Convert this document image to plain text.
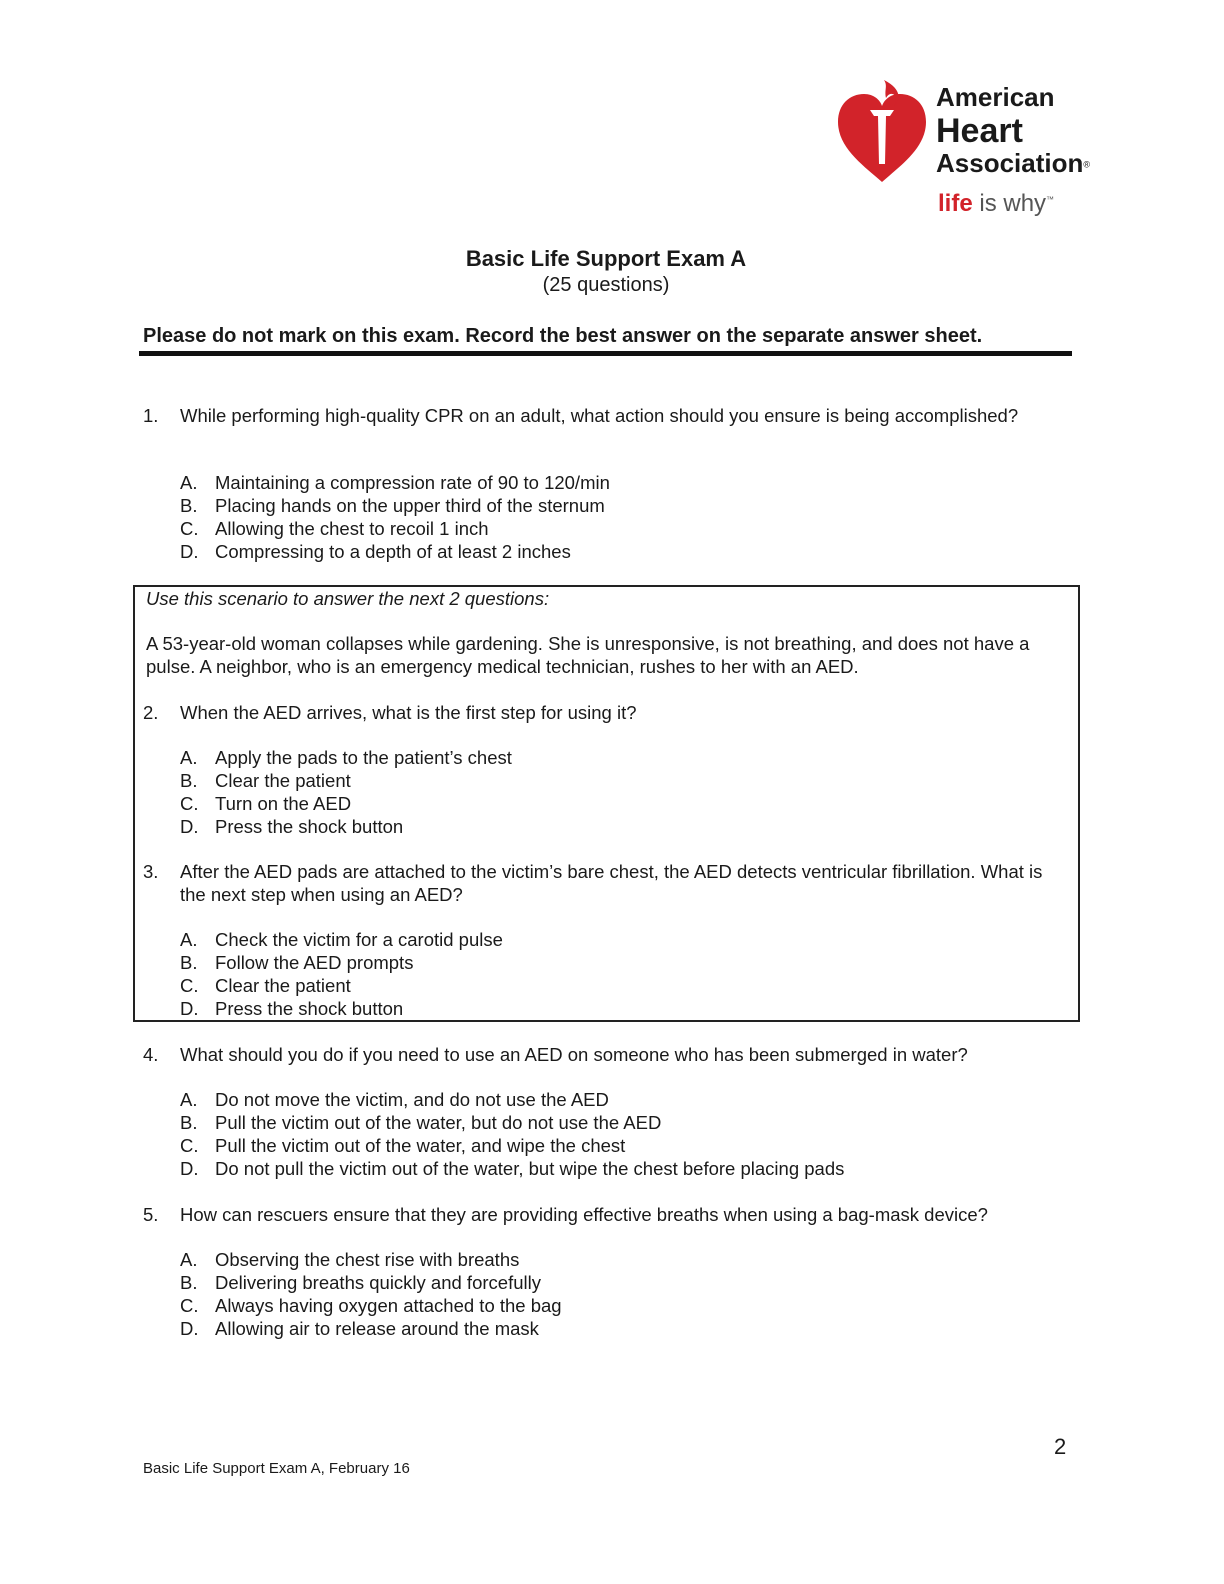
American
Heart
Association®
life is why™
Basic Life Support Exam A
(25 questions)
Please do not mark on this exam. Record the best answer on the separate answer sheet.
1.	While performing high-quality CPR on an adult, what action should you ensure is being accomplished?
A. Maintaining a compression rate of 90 to 120/min
B. Placing hands on the upper third of the sternum
C. Allowing the chest to recoil 1 inch
D. Compressing to a depth of at least 2 inches
Use this scenario to answer the next 2 questions:
A 53-year-old woman collapses while gardening. She is unresponsive, is not breathing, and does not have a pulse. A neighbor, who is an emergency medical technician, rushes to her with an AED.
2.	When the AED arrives, what is the first step for using it?
A. Apply the pads to the patient’s chest
B. Clear the patient
C. Turn on the AED
D. Press the shock button
3.	After the AED pads are attached to the victim’s bare chest, the AED detects ventricular fibrillation. What is the next step when using an AED?
A. Check the victim for a carotid pulse
B. Follow the AED prompts
C. Clear the patient
D. Press the shock button
4.	What should you do if you need to use an AED on someone who has been submerged in water?
A. Do not move the victim, and do not use the AED
B. Pull the victim out of the water, but do not use the AED
C. Pull the victim out of the water, and wipe the chest
D. Do not pull the victim out of the water, but wipe the chest before placing pads
5.	How can rescuers ensure that they are providing effective breaths when using a bag-mask device?
A. Observing the chest rise with breaths
B. Delivering breaths quickly and forcefully
C. Always having oxygen attached to the bag
D. Allowing air to release around the mask
2
Basic Life Support Exam A, February 16
